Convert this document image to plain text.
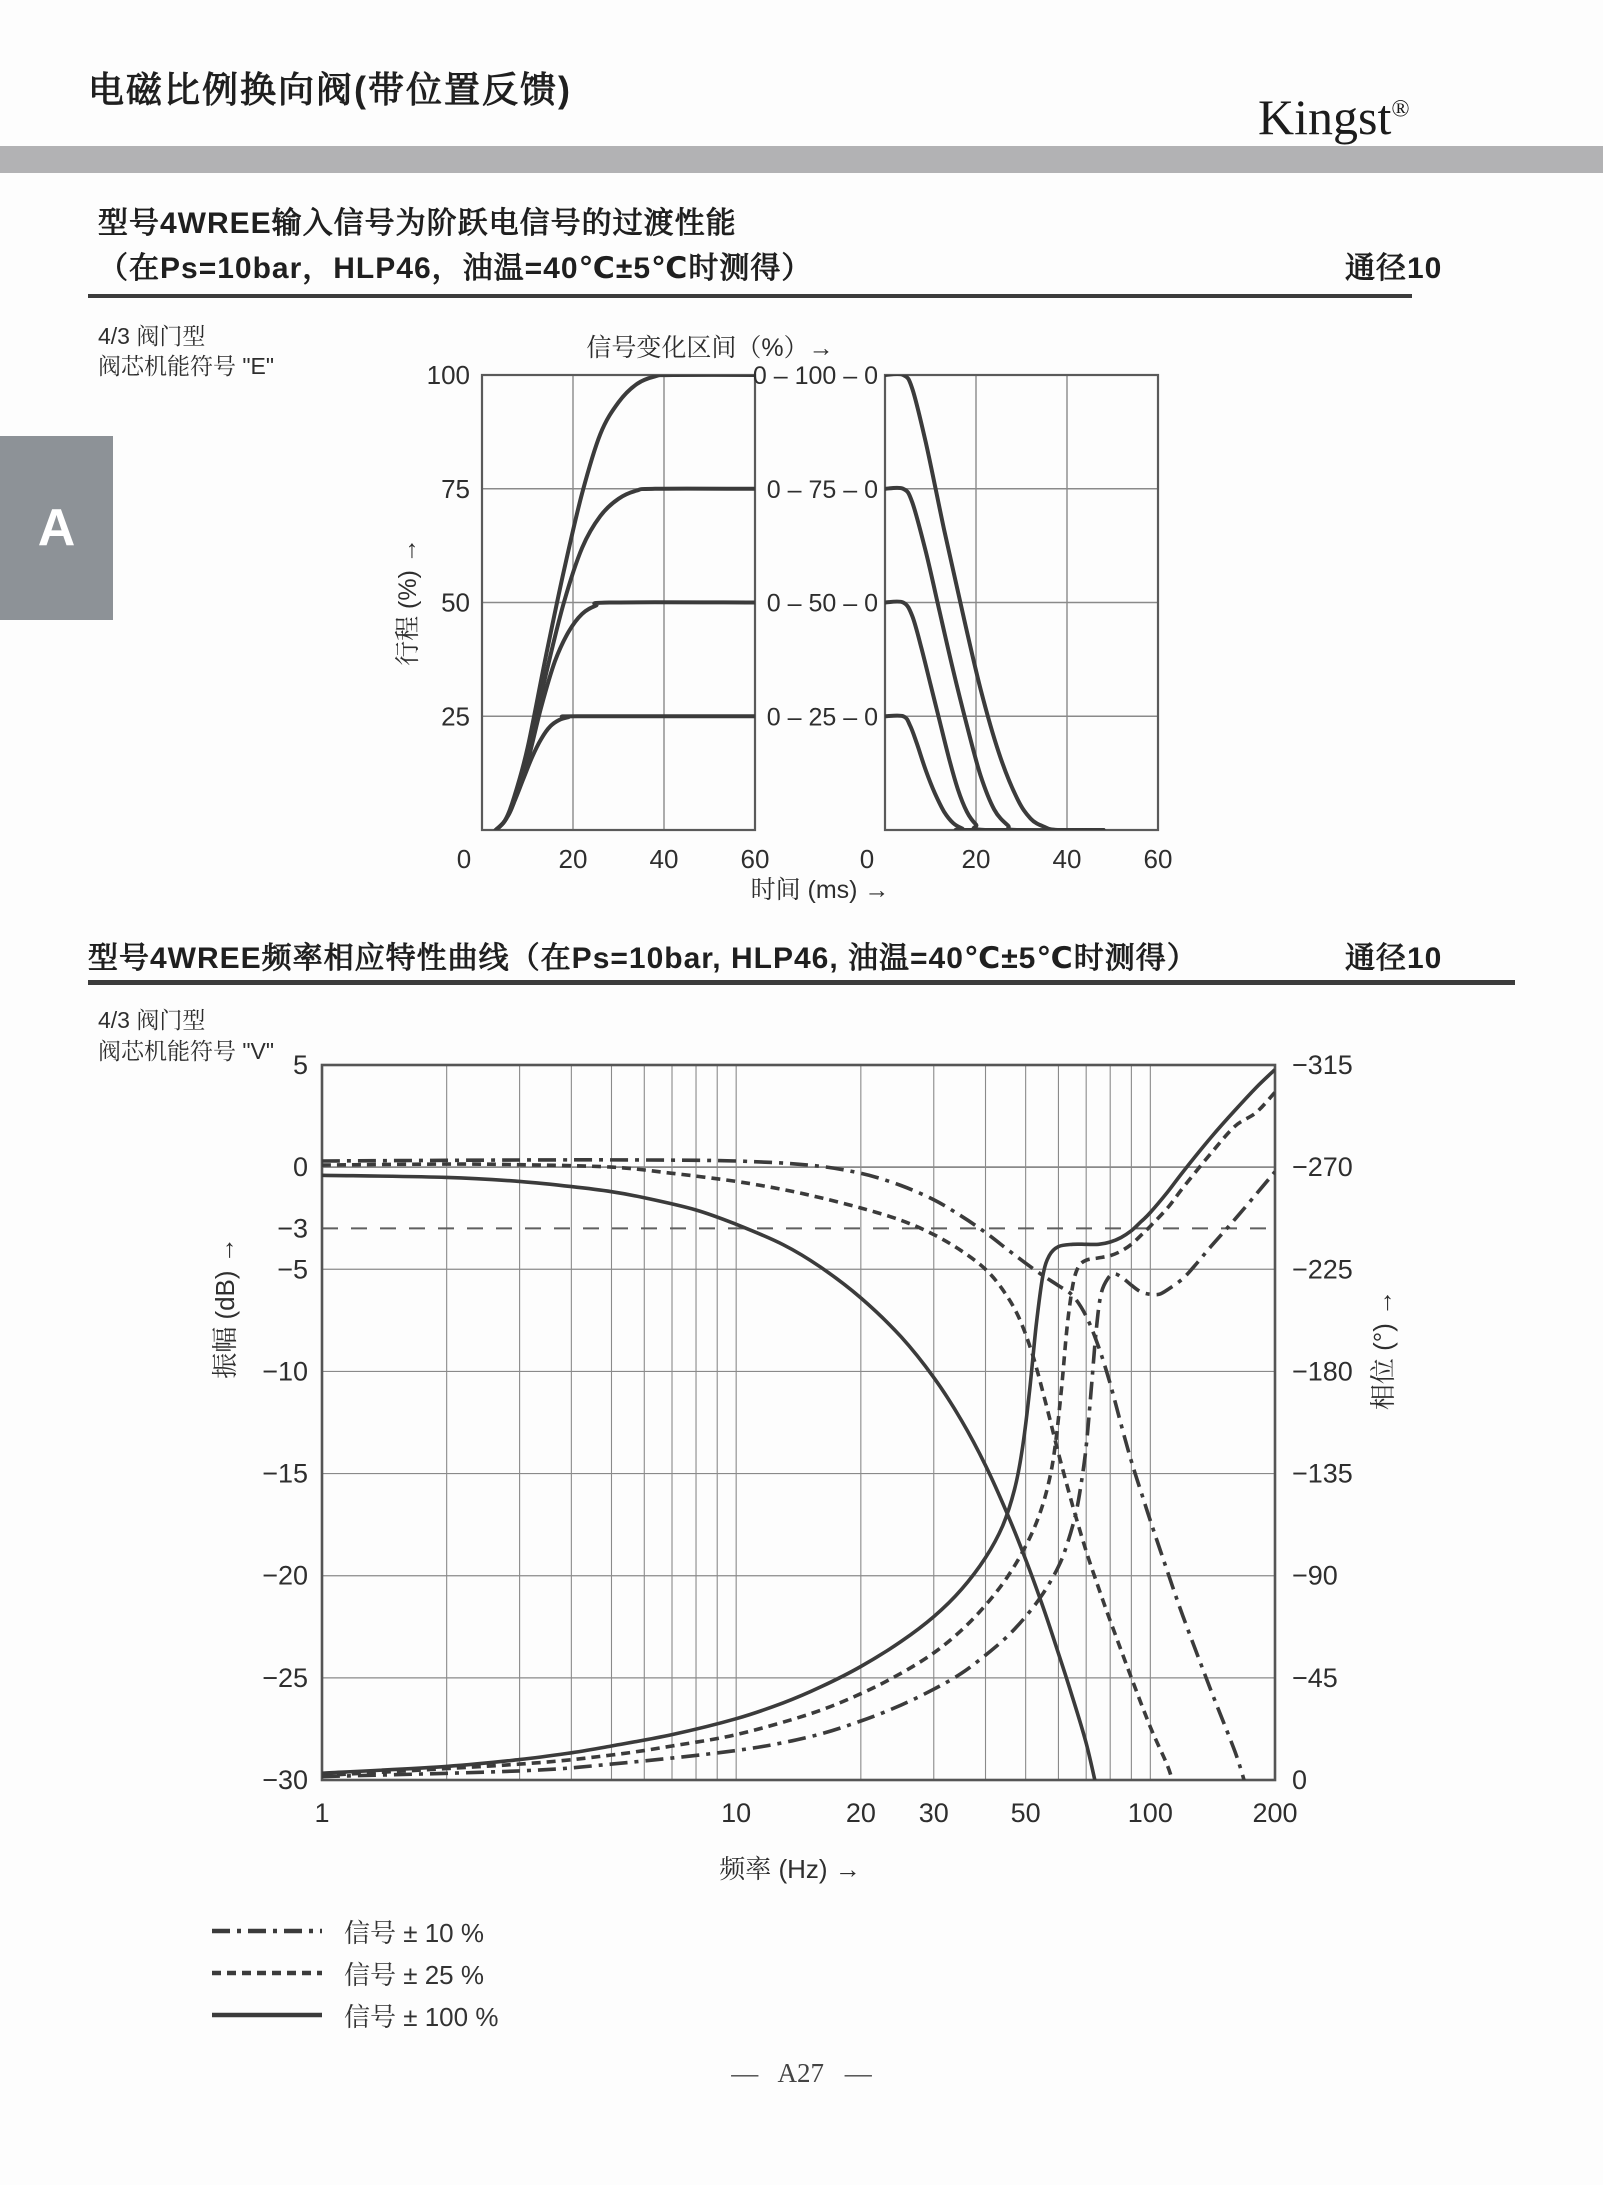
电磁比例换向阀(带位置反馈)	Kingst®
A
型号4WREE输入信号为阶跃电信号的过渡性能
（在Ps=10bar，HLP46，油温=40℃±5℃时测得）	通径10
4/3 阀门型
阀芯机能符号 "E"
0	20 40 60	0	20 40 60
100
75
50
25
0 – 100 – 0
0 – 75 – 0
0 – 50 – 0
0 – 25 – 0
信号变化区间（%）→
时间 (ms) →
行程 (%) →
型号4WREE频率相应特性曲线（在Ps=10bar, HLP46, 油温=40℃±5℃时测得）	通径10
4/3 阀门型
阀芯机能符号 "V" 5
0
−3
−5
−10
−15
−20
−25
−30
−315
−270
−225
−180
−135
−90
−45
0
1	10	20 30 50	100	200
频率 (Hz) →
振幅 (dB) →	相位 (°) →
信号 ± 10 %
信号 ± 25 %
信号 ± 100 %
— A27 —
